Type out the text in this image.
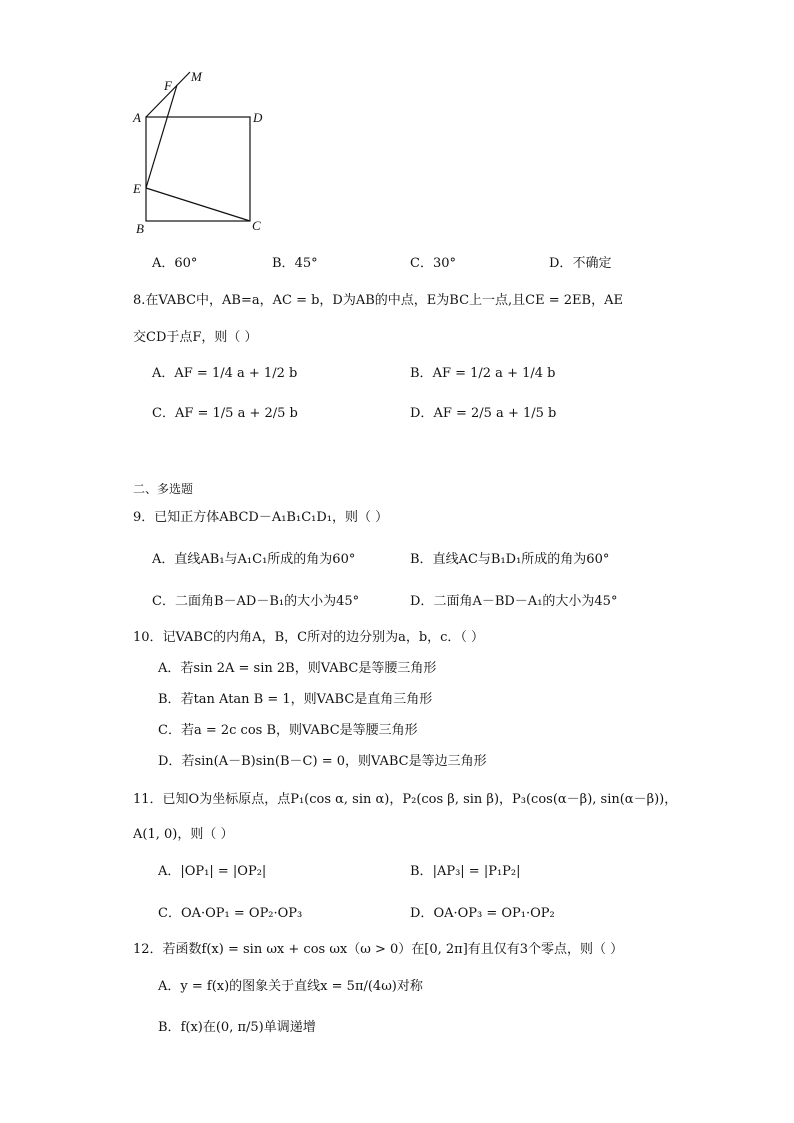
M
F
A	D
E
B	C
A．60°	B．45°	C．30°	D．不确定
8.在VABC中，AB=a，AC = b，D为AB的中点，E为BC上一点,且CE = 2EB，AE
交CD于点F，则（ ）
A．AF = 1/4 a + 1/2 b	B．AF = 1/2 a + 1/4 b
C．AF = 1/5 a + 2/5 b	D．AF = 2/5 a + 1/5 b
二、多选题
9．已知正方体ABCD－A₁B₁C₁D₁，则（ ）
A．直线AB₁与A₁C₁所成的角为60°	B．直线AC与B₁D₁所成的角为60°
C．二面角B－AD－B₁的大小为45°	D．二面角A－BD－A₁的大小为45°
10．记VABC的内角A，B，C所对的边分别为a，b，c．（ ）
A．若sin 2A = sin 2B，则VABC是等腰三角形
B．若tan Atan B = 1，则VABC是直角三角形
C．若a = 2c cos B，则VABC是等腰三角形
D．若sin(A－B)sin(B－C) = 0，则VABC是等边三角形
11．已知O为坐标原点，点P₁(cos α, sin α)，P₂(cos β, sin β)，P₃(cos(α－β), sin(α－β))，
A(1, 0)，则（ ）
A．|OP₁| = |OP₂|	B．|AP₃| = |P₁P₂|
C．OA·OP₁ = OP₂·OP₃	D．OA·OP₃ = OP₁·OP₂
12．若函数f(x) = sin ωx + cos ωx（ω > 0）在[0, 2π]有且仅有3个零点，则（ ）
A．y = f(x)的图象关于直线x = 5π/(4ω)对称
B．f(x)在(0, π/5)单调递增
